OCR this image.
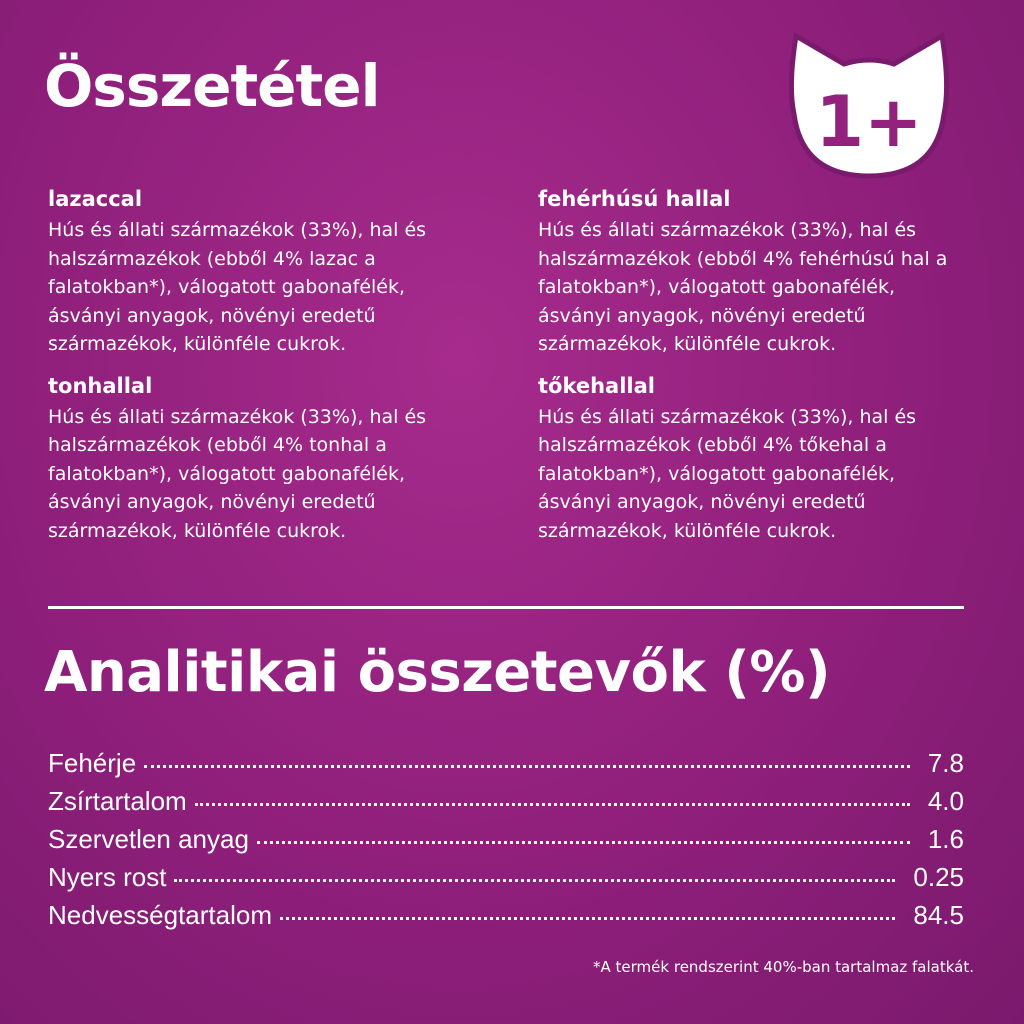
Összetétel	1+
lazaccal

Hús és állati származékok (33%), hal és
halszármazékok (ebből 4% lazac a
falatokban*), válogatott gabonafélék,
ásványi anyagok, növényi eredetű
származékok, különféle cukrok.

tonhallal

Hús és állati származékok (33%), hal és
halszármazékok (ebből 4% tonhal a
falatokban*), válogatott gabonafélék,
ásványi anyagok, növényi eredetű
származékok, különféle cukrok.

fehérhúsú hallal

Hús és állati származékok (33%), hal és
halszármazékok (ebből 4% fehérhúsú hal a
falatokban*), válogatott gabonafélék,
ásványi anyagok, növényi eredetű
származékok, különféle cukrok.

tőkehallal

Hús és állati származékok (33%), hal és
halszármazékok (ebből 4% tőkehal a
falatokban*), válogatott gabonafélék,
ásványi anyagok, növényi eredetű
származékok, különféle cukrok.

Analitikai összetevők (%)
Fehérje	7.8
Zsírtartalom	4.0
Szervetlen anyag	1.6
Nyers rost	0.25
Nedvességtartalom	84.5
*A termék rendszerint 40%-ban tartalmaz falatkát.
